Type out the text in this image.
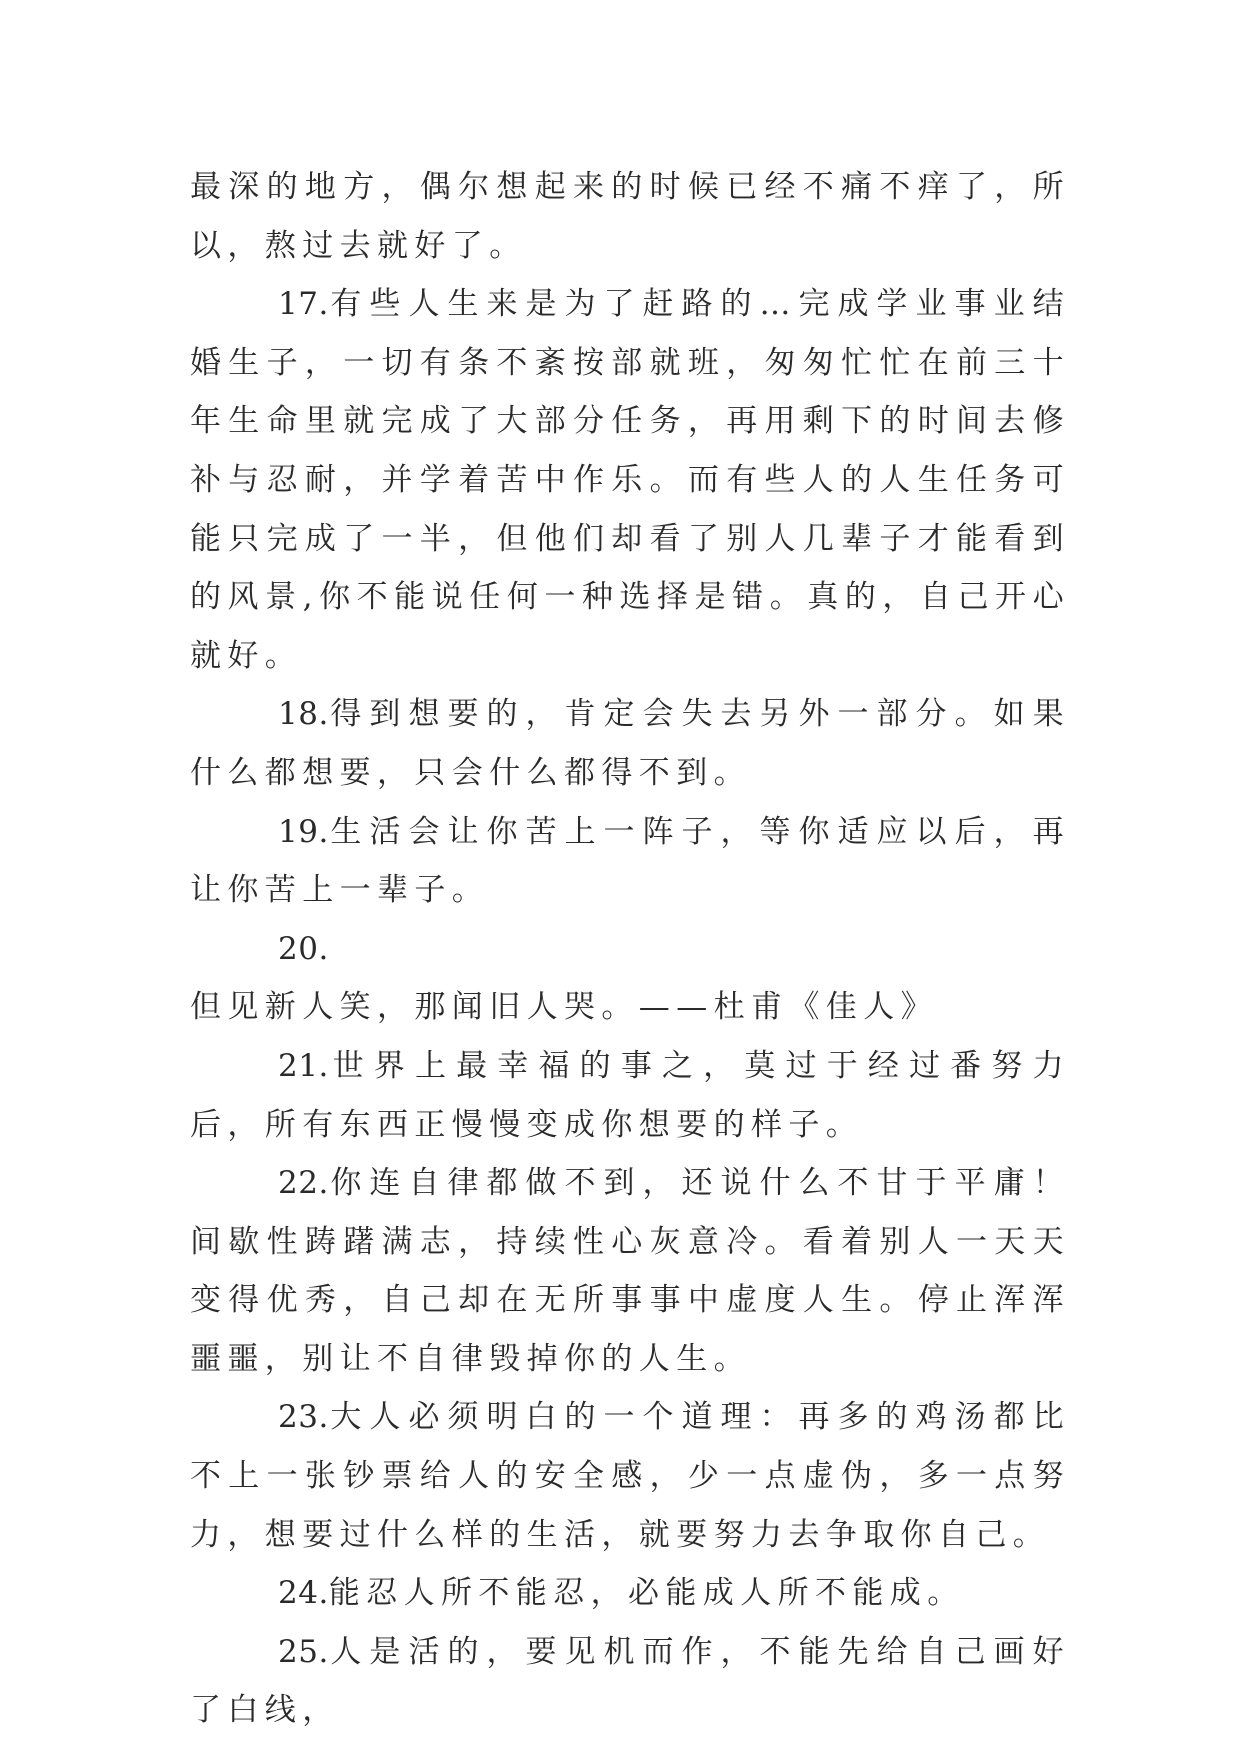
最深的地方，偶尔想起来的时候已经不痛不痒了，所以，熬过去就好了。

17.有些人生来是为了赶路的…完成学业事业结婚生子，一切有条不紊按部就班，匆匆忙忙在前三十年生命里就完成了大部分任务，再用剩下的时间去修补与忍耐，并学着苦中作乐。而有些人的人生任务可能只完成了一半，但他们却看了别人几辈子才能看到的风景,你不能说任何一种选择是错。真的，自己开心就好。

18.得到想要的，肯定会失去另外一部分。如果什么都想要，只会什么都得不到。

19.生活会让你苦上一阵子，等你适应以后，再让你苦上一辈子。

20.但见新人笑，那闻旧人哭。——杜甫《佳人》

21.世界上最幸福的事之，莫过于经过番努力后，所有东西正慢慢变成你想要的样子。

22.你连自律都做不到，还说什么不甘于平庸！间歇性踌躇满志，持续性心灰意冷。看着别人一天天变得优秀，自己却在无所事事中虚度人生。停止浑浑噩噩，别让不自律毁掉你的人生。

23.大人必须明白的一个道理：再多的鸡汤都比不上一张钞票给人的安全感，少一点虚伪，多一点努力，想要过什么样的生活，就要努力去争取你自己。

24.能忍人所不能忍，必能成人所不能成。

25.人是活的，要见机而作，不能先给自己画好了白线，
